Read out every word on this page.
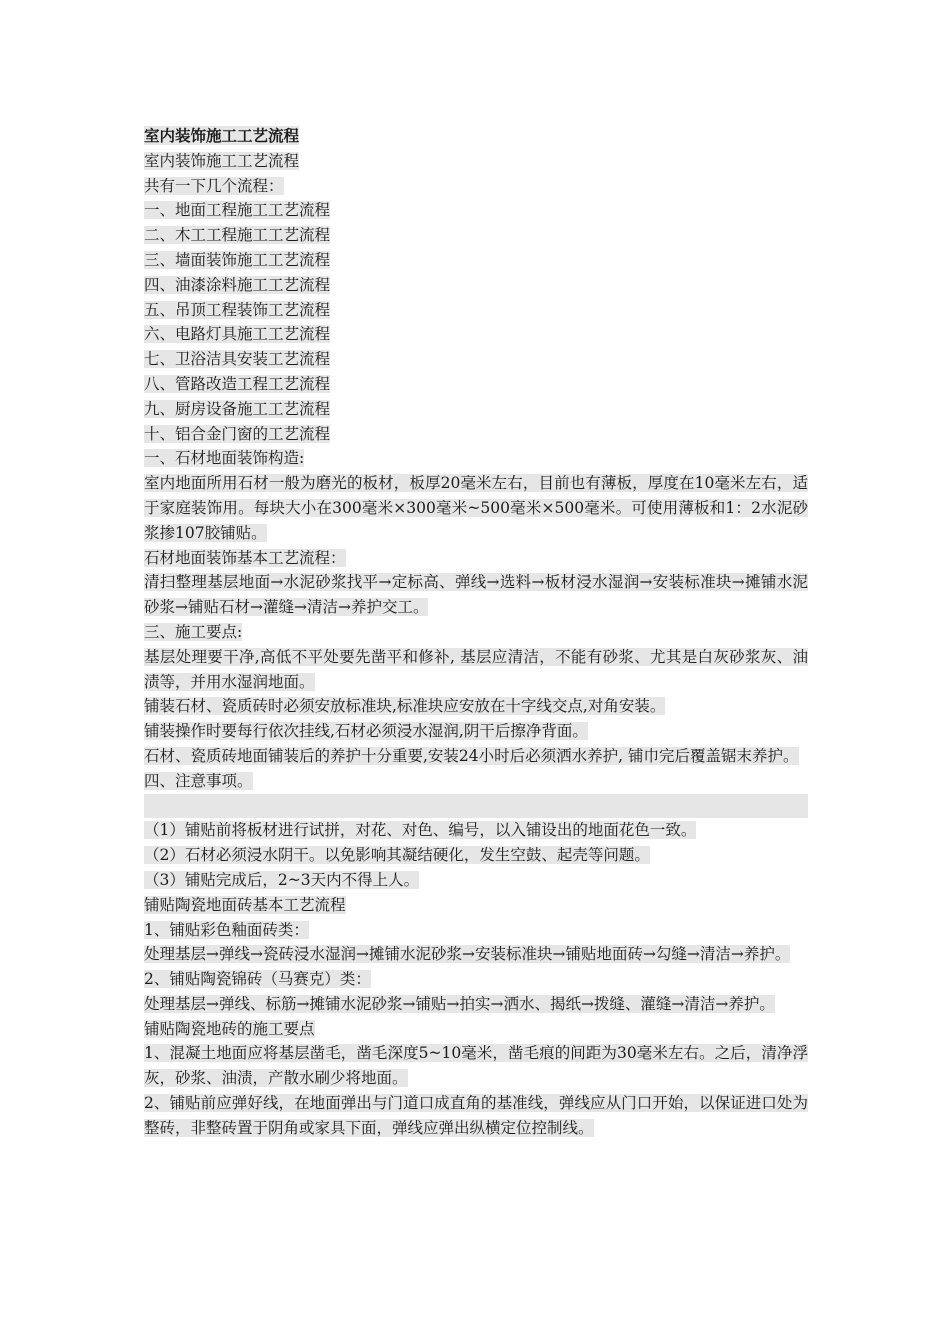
室内装饰施工工艺流程

室内装饰施工工艺流程

共有一下几个流程：

一、地面工程施工工艺流程

二、木工工程施工工艺流程

三、墙面装饰施工工艺流程

四、油漆涂料施工工艺流程

五、吊顶工程装饰工艺流程

六、电路灯具施工工艺流程

七、卫浴洁具安装工艺流程

八、管路改造工程工艺流程

九、厨房设备施工工艺流程

十、铝合金门窗的工艺流程

一、石材地面装饰构造:

室内地面所用石材一般为磨光的板材，板厚20毫米左右，目前也有薄板，厚度在10毫米左右，适于家庭装饰用。每块大小在300毫米×300毫米~500毫米×500毫米。可使用薄板和1：2水泥砂浆掺107胶铺贴。

石材地面装饰基本工艺流程：

清扫整理基层地面→水泥砂浆找平→定标高、弹线→选料→板材浸水湿润→安装标准块→摊铺水泥砂浆→铺贴石材→灌缝→清洁→养护交工。

三、施工要点:

基层处理要干净,高低不平处要先凿平和修补, 基层应清洁，不能有砂浆、尤其是白灰砂浆灰、油渍等，并用水湿润地面。

铺装石材、瓷质砖时必须安放标准块,标准块应安放在十字线交点,对角安装。

铺装操作时要每行依次挂线,石材必须浸水湿润,阴干后擦净背面。

石材、瓷质砖地面铺装后的养护十分重要,安装24小时后必须洒水养护, 铺巾完后覆盖锯末养护。

四、注意事项。

（1）铺贴前将板材进行试拼，对花、对色、编号，以入铺设出的地面花色一致。

（2）石材必须浸水阴干。以免影响其凝结硬化，发生空鼓、起壳等问题。

（3）铺贴完成后，2~3天内不得上人。

铺贴陶瓷地面砖基本工艺流程

1、铺贴彩色釉面砖类：

处理基层→弹线→瓷砖浸水湿润→摊铺水泥砂浆→安装标准块→铺贴地面砖→勾缝→清洁→养护。

2、铺贴陶瓷锦砖（马赛克）类：

处理基层→弹线、标筋→摊铺水泥砂浆→铺贴→拍实→洒水、揭纸→拨缝、灌缝→清洁→养护。

铺贴陶瓷地砖的施工要点

1、混凝土地面应将基层凿毛，凿毛深度5~10毫米，凿毛痕的间距为30毫米左右。之后，清净浮灰，砂浆、油渍，产散水刷少将地面。

2、铺贴前应弹好线，在地面弹出与门道口成直角的基准线，弹线应从门口开始，以保证进口处为整砖，非整砖置于阴角或家具下面，弹线应弹出纵横定位控制线。
